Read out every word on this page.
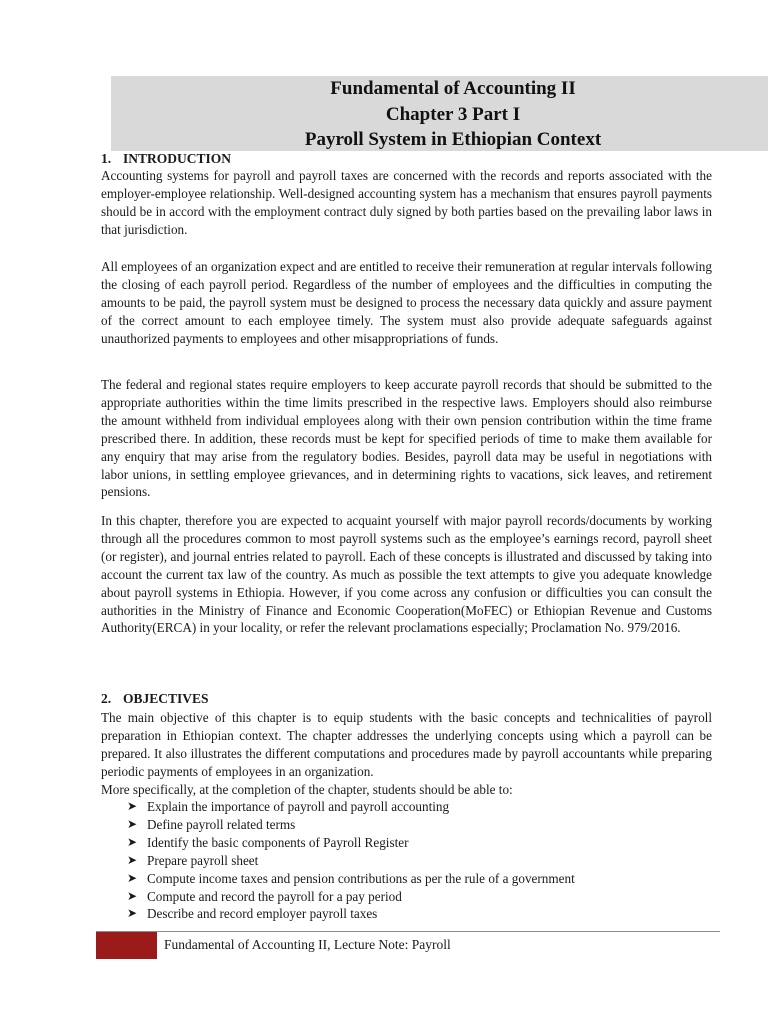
Fundamental of Accounting II
Chapter 3 Part I
Payroll System in Ethiopian Context
1. INTRODUCTION
Accounting systems for payroll and payroll taxes are concerned with the records and reports associated with the employer-employee relationship. Well-designed accounting system has a mechanism that ensures payroll payments should be in accord with the employment contract duly signed by both parties based on the prevailing labor laws in that jurisdiction.
All employees of an organization expect and are entitled to receive their remuneration at regular intervals following the closing of each payroll period. Regardless of the number of employees and the difficulties in computing the amounts to be paid, the payroll system must be designed to process the necessary data quickly and assure payment of the correct amount to each employee timely. The system must also provide adequate safeguards against unauthorized payments to employees and other misappropriations of funds.
The federal and regional states require employers to keep accurate payroll records that should be submitted to the appropriate authorities within the time limits prescribed in the respective laws. Employers should also reimburse the amount withheld from individual employees along with their own pension contribution within the time frame prescribed there. In addition, these records must be kept for specified periods of time to make them available for any enquiry that may arise from the regulatory bodies. Besides, payroll data may be useful in negotiations with labor unions, in settling employee grievances, and in determining rights to vacations, sick leaves, and retirement pensions.
In this chapter, therefore you are expected to acquaint yourself with major payroll records/documents by working through all the procedures common to most payroll systems such as the employee’s earnings record, payroll sheet (or register), and journal entries related to payroll. Each of these concepts is illustrated and discussed by taking into account the current tax law of the country. As much as possible the text attempts to give you adequate knowledge about payroll systems in Ethiopia. However, if you come across any confusion or difficulties you can consult the authorities in the Ministry of Finance and Economic Cooperation(MoFEC) or Ethiopian Revenue and Customs Authority(ERCA) in your locality, or refer the relevant proclamations especially; Proclamation No. 979/2016.
2. OBJECTIVES
The main objective of this chapter is to equip students with the basic concepts and technicalities of payroll preparation in Ethiopian context. The chapter addresses the underlying concepts using which a payroll can be prepared. It also illustrates the different computations and procedures made by payroll accountants while preparing periodic payments of employees in an organization.
More specifically, at the completion of the chapter, students should be able to:
➤ Explain the importance of payroll and payroll accounting
➤ Define payroll related terms
➤ Identify the basic components of Payroll Register
➤ Prepare payroll sheet
➤ Compute income taxes and pension contributions as per the rule of a government
➤ Compute and record the payroll for a pay period
➤ Describe and record employer payroll taxes
Fundamental of Accounting II, Lecture Note: Payroll
